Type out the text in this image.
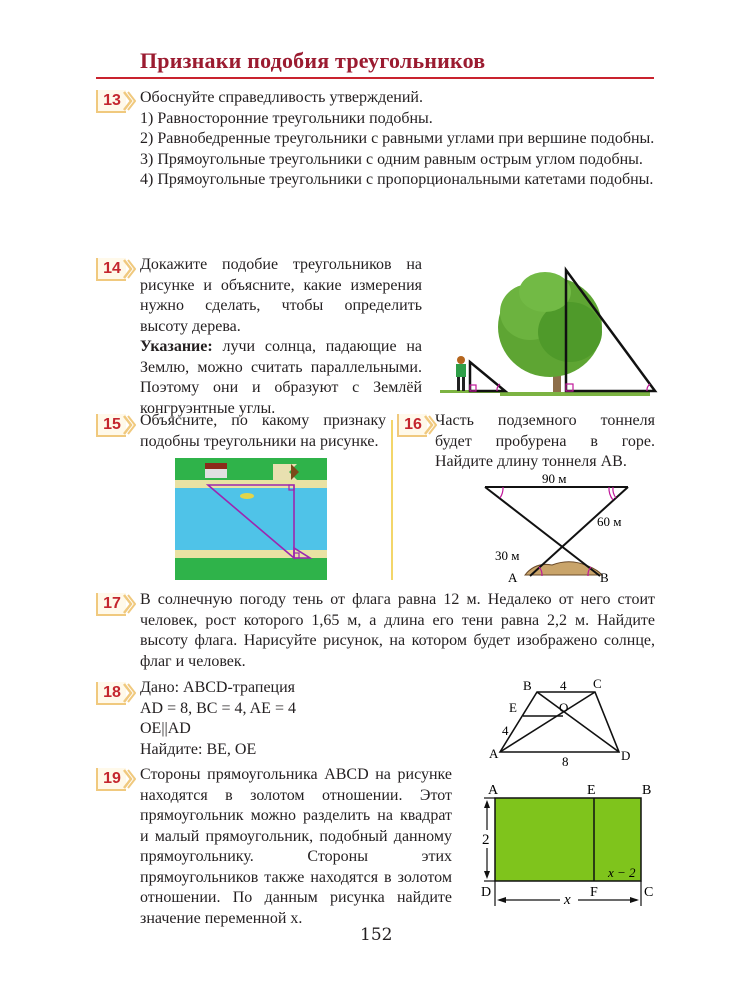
Признаки подобия треугольников
13	Обоснуйте справедливость утверждений.

1) Равносторонние треугольники подобны.

2) Равнобедренные треугольники с равными углами при вершине подобны.

3) Прямоугольные треугольники с одним равным острым углом подобны.

4) Прямоугольные треугольники с пропорциональными катетами подобны.

14	Докажите подобие треугольников на рисунке и объясните, какие измерения нужно сделать, чтобы определить высоту дерева.

Указание: лучи солнца, падающие на Землю, можно считать параллельными. Поэтому они и образуют с Землёй конгруэнтные углы.

15	Объясните, по какому признаку подобны треугольники на рисунке.

16 Часть подземного тоннеля будет пробурена в горе. Найдите длину тоннеля AB.

90 м
60 м
30 м
A	B
17	В солнечную погоду тень от флага равна 12 м. Недалеко от него стоит человек, рост которого 1,65 м, а длина его тени равна 2,2 м. Найдите высоту флага. Нарисуйте рисунок, на котором будет изображено солнце, флаг и человек.

18	Дано: ABCD-трапеция

AD = 8, BC = 4, AE = 4

OE||AD

Найдите: BE, OE

B	C
E	O
A	D
4
4
8
19	Стороны прямоугольника ABCD на рисунке находятся в золотом отношении. Этот прямоугольник можно разделить на квадрат и малый прямоугольник, подобный данному прямоугольнику. Стороны этих прямоугольников также находятся в золотом отношении. По данным рисунка найдите значение переменной x.

A	E	B
D	F	C
2
x
x − 2
152
